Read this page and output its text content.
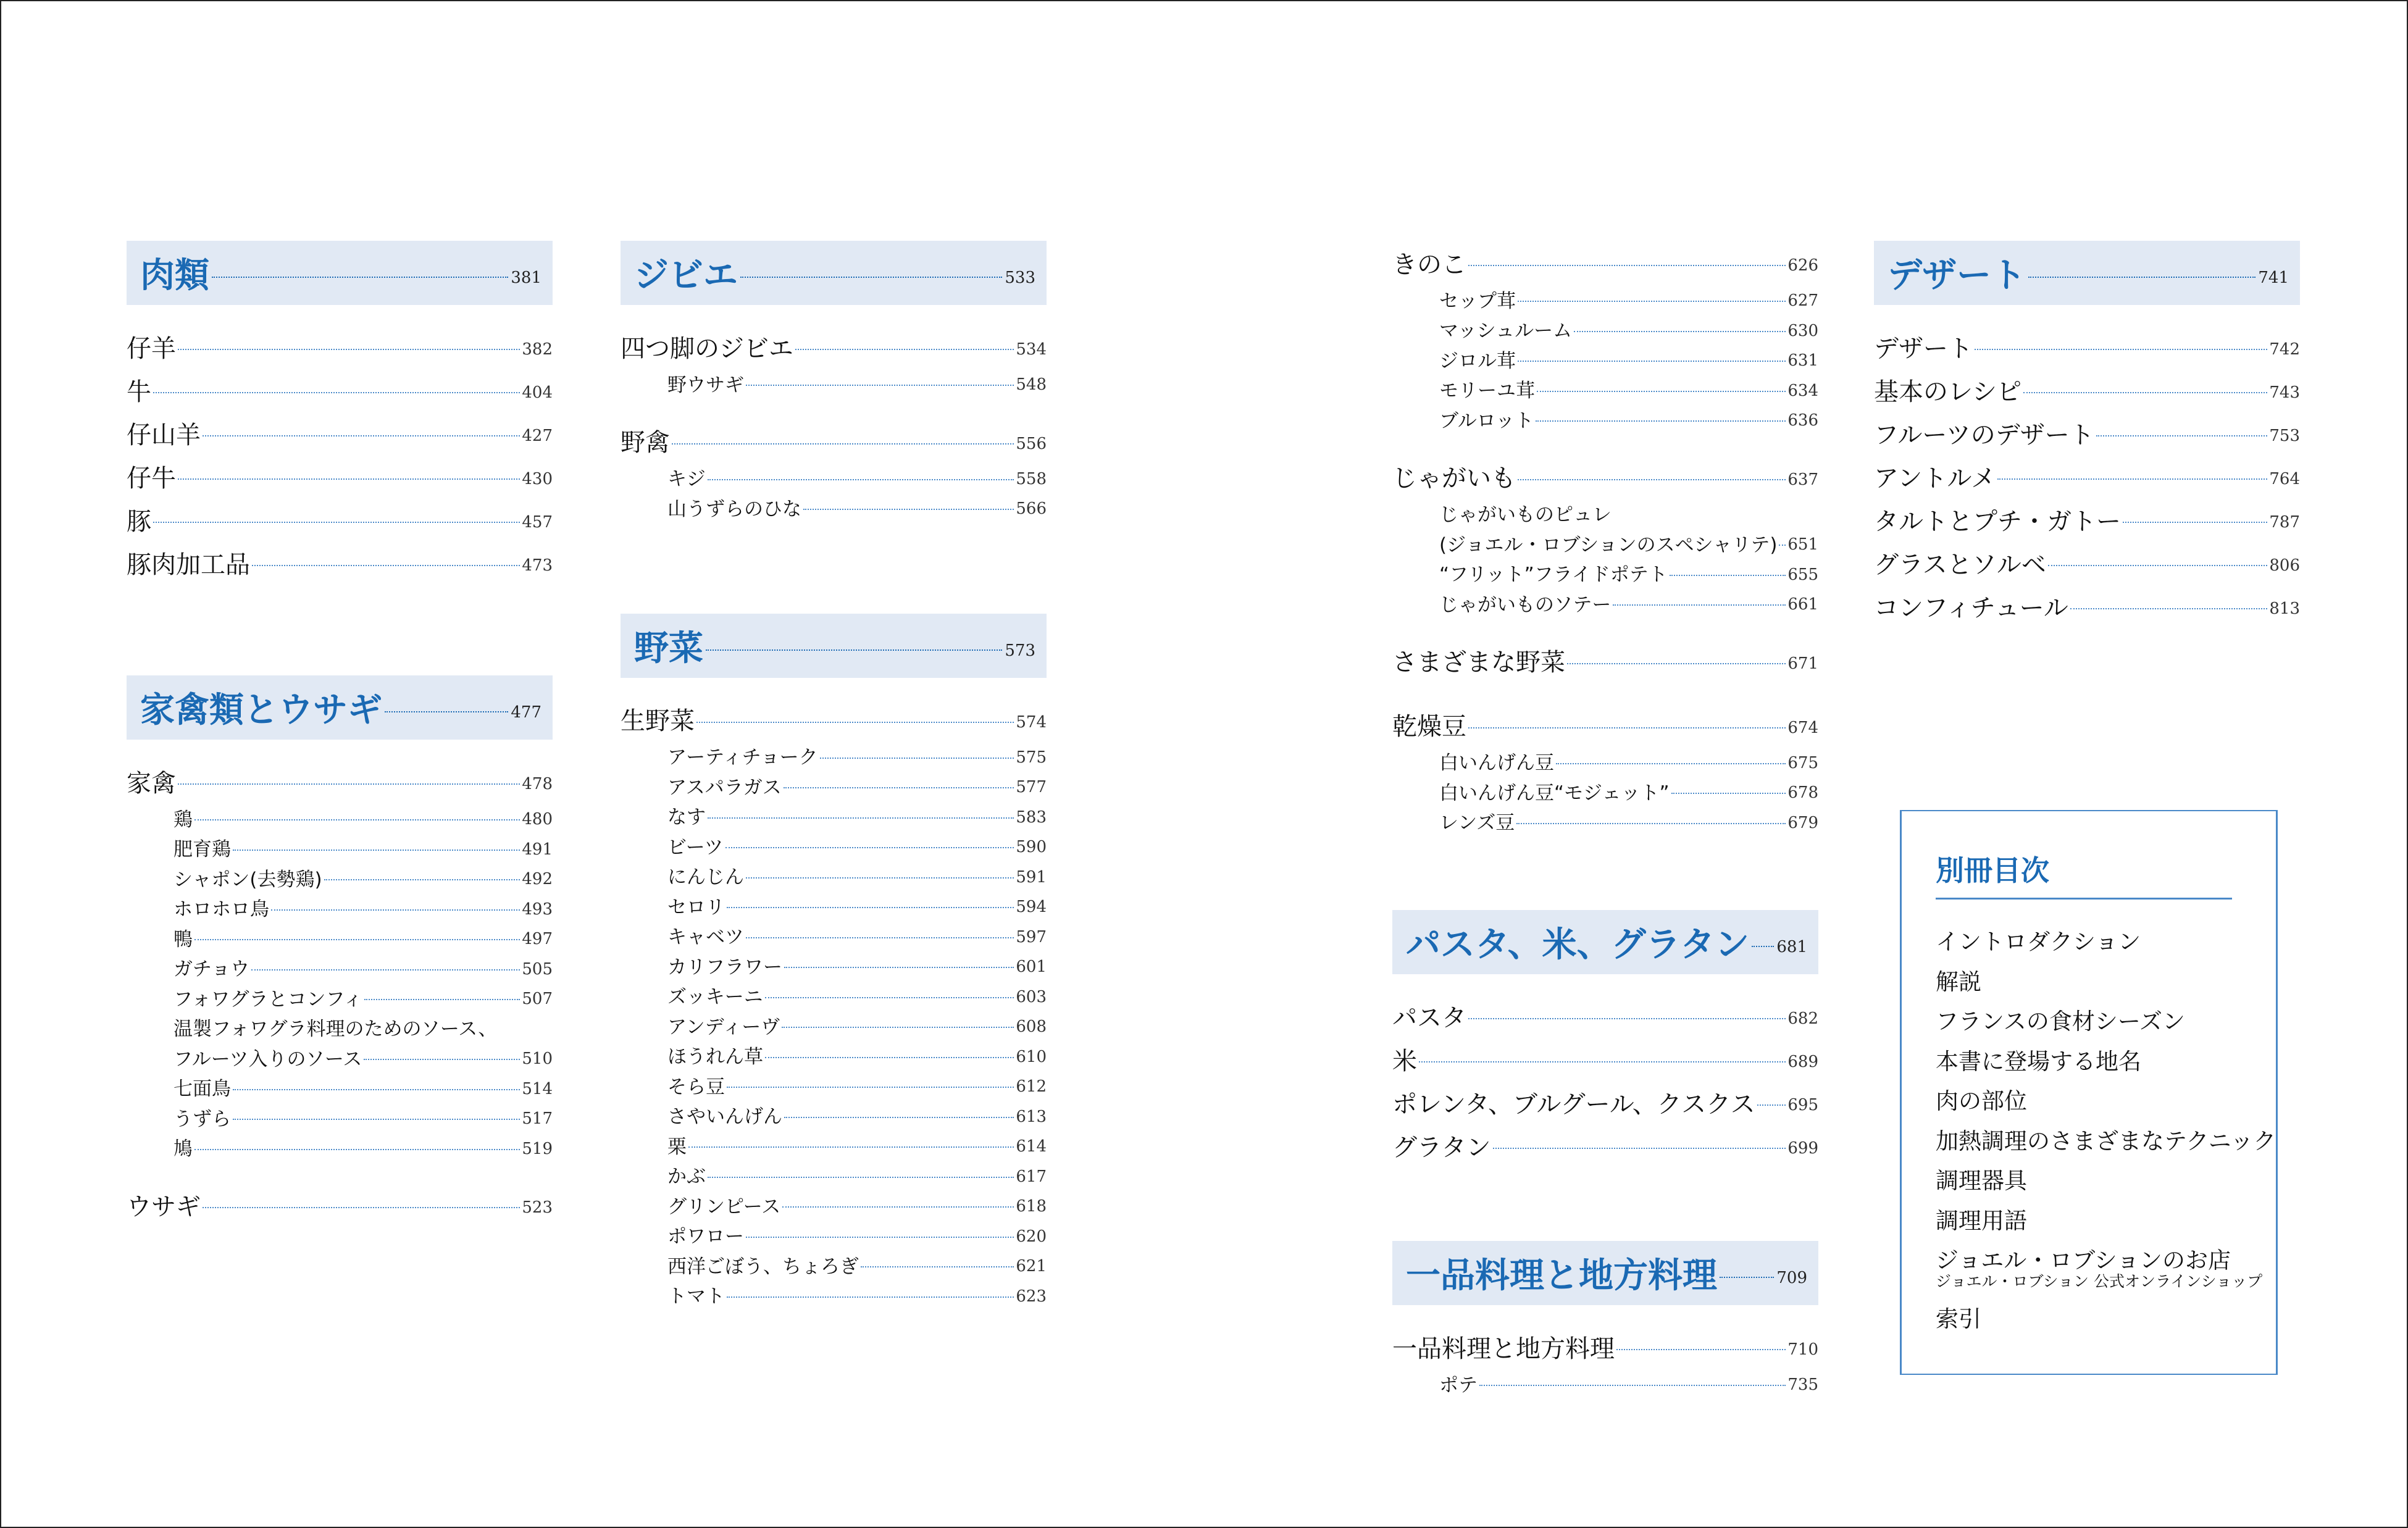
肉類	381
仔羊	382
牛	404
仔山羊	427
仔牛	430
豚	457
豚肉加工品	473
家禽類とウサギ	477
家禽	478
鶏	480
肥育鶏	491
シャポン(去勢鶏)	492
ホロホロ鳥	493
鴨	497
ガチョウ	505
フォワグラとコンフィ	507
温製フォワグラ料理のためのソース、
フルーツ入りのソース	510
七面鳥	514
うずら	517
鳩	519
ウサギ	523
ジビエ	533
四つ脚のジビエ	534
野ウサギ	548
野禽	556
キジ	558
山うずらのひな	566
野菜	573
生野菜	574
アーティチョーク	575
アスパラガス	577
なす	583
ビーツ	590
にんじん	591
セロリ	594
キャベツ	597
カリフラワー	601
ズッキーニ	603
アンディーヴ	608
ほうれん草	610
そら豆	612
さやいんげん	613
栗	614
かぶ	617
グリンピース	618
ポワロー	620
西洋ごぼう、ちょろぎ	621
トマト	623
きのこ	626
セップ茸	627
マッシュルーム	630
ジロル茸	631
モリーユ茸	634
ブルロット	636
じゃがいも	637
じゃがいものピュレ
(ジョエル・ロブションのスペシャリテ) 651
“フリット”フライドポテト	655
じゃがいものソテー	661
さまざまな野菜	671
乾燥豆	674
白いんげん豆	675
白いんげん豆“モジェット”	678
レンズ豆	679
パスタ、米、グラタン 681
パスタ	682
米	689
ポレンタ、ブルグール、クスクス 695
グラタン	699
一品料理と地方料理	709
一品料理と地方料理	710
ポテ	735
デザート	741
デザート	742
基本のレシピ	743
フルーツのデザート	753
アントルメ	764
タルトとプチ・ガトー	787
グラスとソルベ	806
コンフィチュール	813
別冊目次
イントロダクション
解説
フランスの食材シーズン
本書に登場する地名
肉の部位
加熱調理のさまざまなテクニック
調理器具
調理用語
ジョエル・ロブションのお店
ジョエル・ロブション 公式オンラインショップ
索引
